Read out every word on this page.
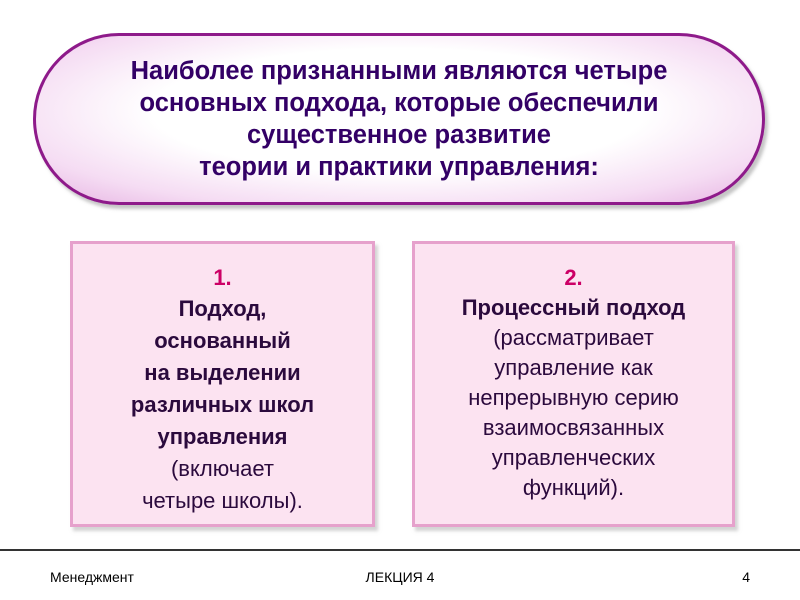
Наиболее признанными являются четыре
основных подхода, которые обеспечили
существенное развитие
теории и практики управления:
1.
Подход,
основанный
на выделении
различных школ
управления
(включает
четыре школы).
2.
Процессный подход
(рассматривает
управление как
непрерывную серию
взаимосвязанных
управленческих
функций).
Менеджмент	ЛЕКЦИЯ 4	4
